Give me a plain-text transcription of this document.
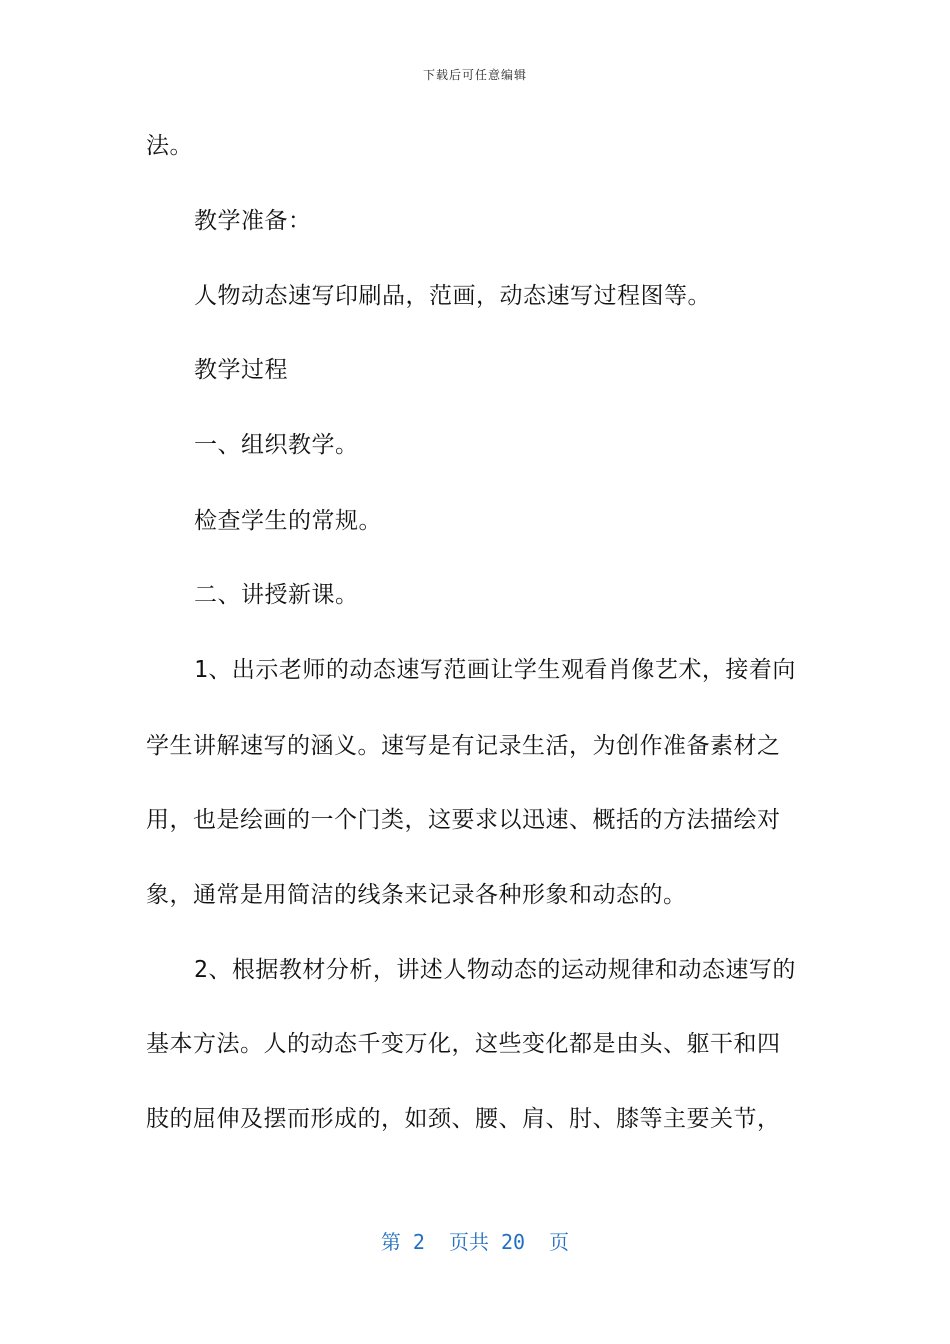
下载后可任意编辑
法。
教学准备：
人物动态速写印刷品，范画，动态速写过程图等。
教学过程
一、组织教学。
检查学生的常规。
二、讲授新课。
1、出示老师的动态速写范画让学生观看肖像艺术，接着向
学生讲解速写的涵义。速写是有记录生活，为创作准备素材之
用，也是绘画的一个门类，这要求以迅速、概括的方法描绘对
象，通常是用简洁的线条来记录各种形象和动态的。
2、根据教材分析，讲述人物动态的运动规律和动态速写的
基本方法。人的动态千变万化，这些变化都是由头、躯干和四
肢的屈伸及摆而形成的，如颈、腰、肩、肘、膝等主要关节，
第 2  页共 20  页
